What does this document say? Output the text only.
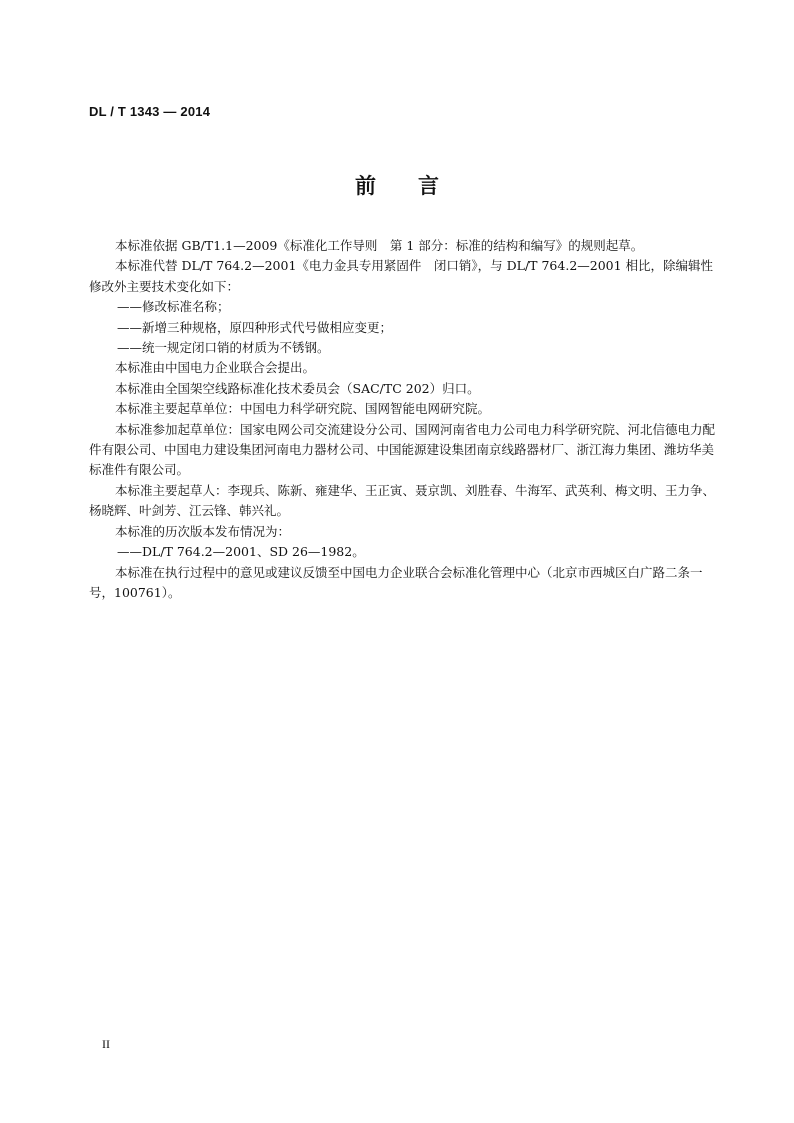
DL / T 1343 — 2014
前 言

本标准依据 GB/T1.1—2009《标准化工作导则　第 1 部分：标准的结构和编写》的规则起草。

本标准代替 DL/T 764.2—2001《电力金具专用紧固件　闭口销》，与 DL/T 764.2—2001 相比，除编辑性修改外主要技术变化如下：

——修改标准名称；

——新增三种规格，原四种形式代号做相应变更；

——统一规定闭口销的材质为不锈钢。

本标准由中国电力企业联合会提出。

本标准由全国架空线路标准化技术委员会（SAC/TC 202）归口。

本标准主要起草单位：中国电力科学研究院、国网智能电网研究院。

本标准参加起草单位：国家电网公司交流建设分公司、国网河南省电力公司电力科学研究院、河北信德电力配件有限公司、中国电力建设集团河南电力器材公司、中国能源建设集团南京线路器材厂、浙江海力集团、潍坊华美标准件有限公司。

本标准主要起草人：李现兵、陈新、雍建华、王正寅、聂京凯、刘胜春、牛海军、武英利、梅文明、王力争、杨晓辉、叶剑芳、江云锋、韩兴礼。

本标准的历次版本发布情况为：

——DL/T 764.2—2001、SD 26—1982。

本标准在执行过程中的意见或建议反馈至中国电力企业联合会标准化管理中心（北京市西城区白广路二条一号，100761）。

II
